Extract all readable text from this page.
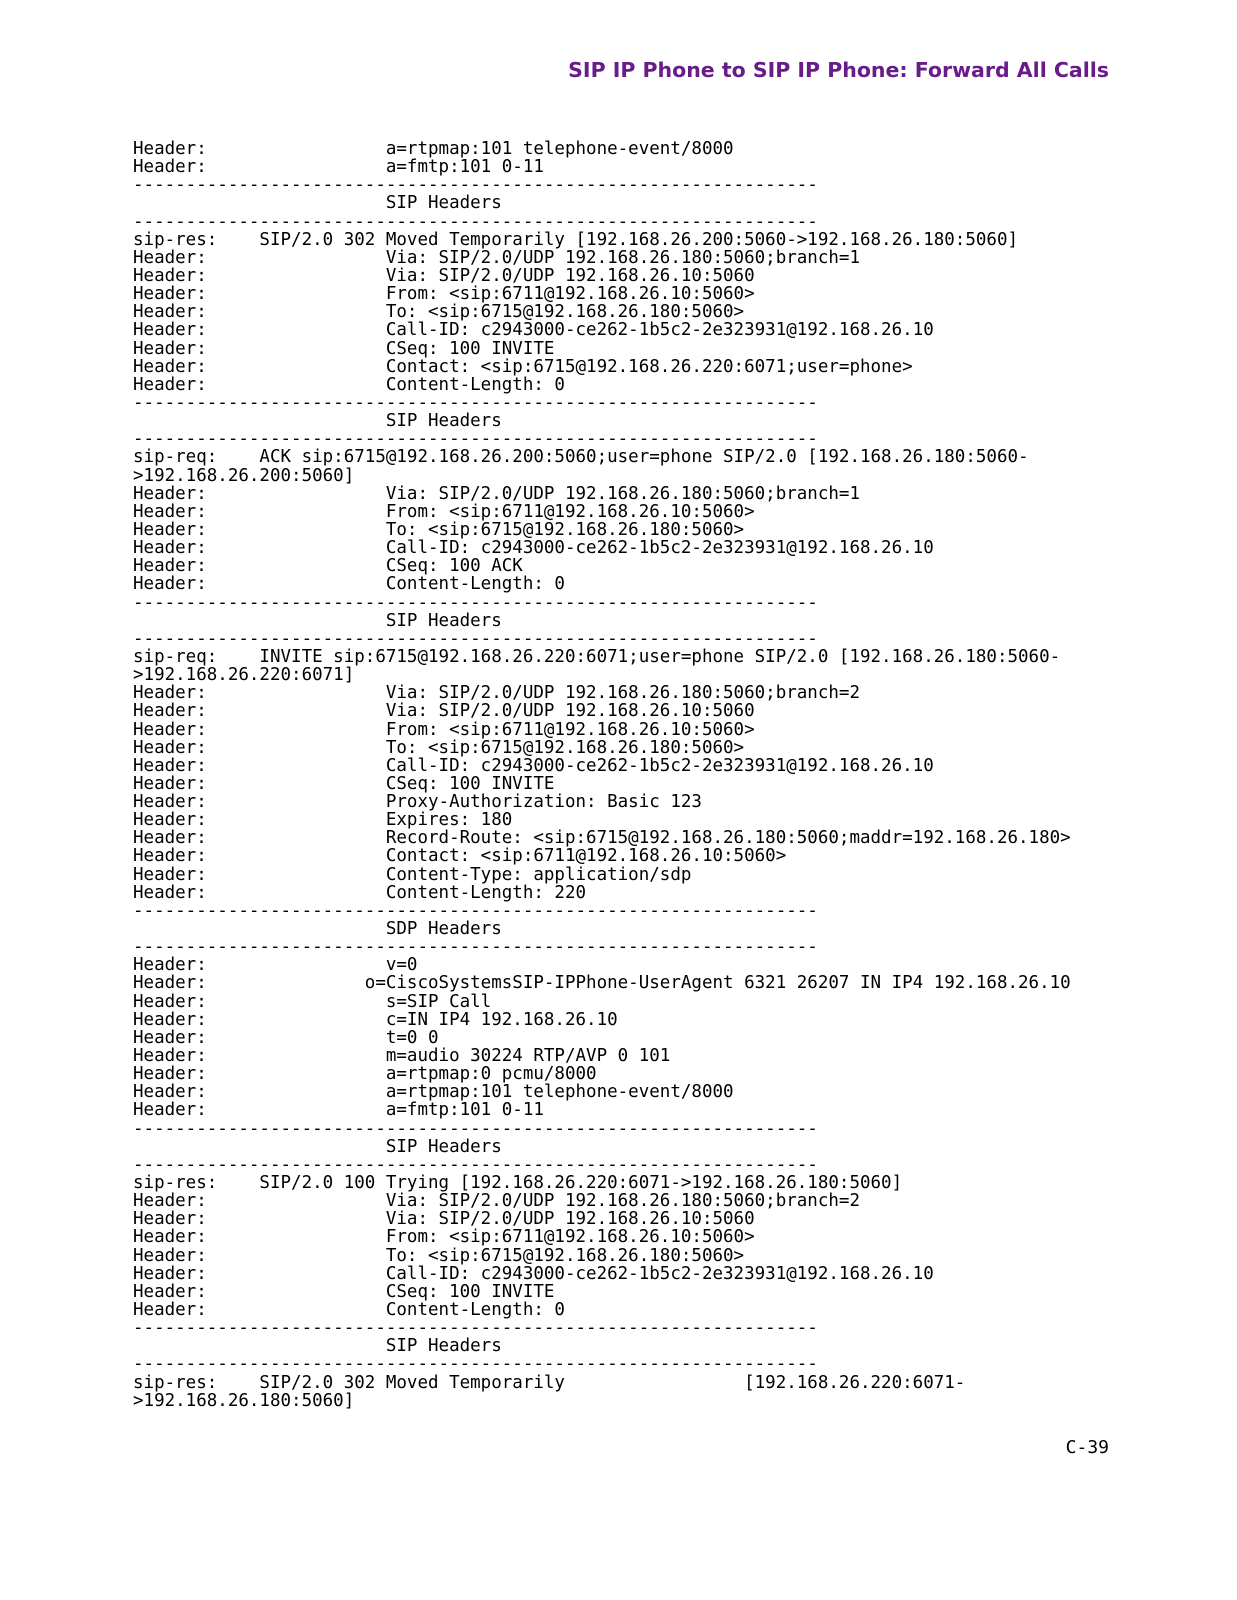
SIP IP Phone to SIP IP Phone: Forward All Calls
Header:                 a=rtpmap:101 telephone-event/8000
Header:                 a=fmtp:101 0-11
-----------------------------------------------------------------
SIP Headers
-----------------------------------------------------------------
sip-res:    SIP/2.0 302 Moved Temporarily [192.168.26.200:5060->192.168.26.180:5060]
Header:                 Via: SIP/2.0/UDP 192.168.26.180:5060;branch=1
Header:                 Via: SIP/2.0/UDP 192.168.26.10:5060
Header:                 From: <sip:6711@192.168.26.10:5060>
Header:                 To: <sip:6715@192.168.26.180:5060>
Header:                 Call-ID: c2943000-ce262-1b5c2-2e323931@192.168.26.10
Header:                 CSeq: 100 INVITE
Header:                 Contact: <sip:6715@192.168.26.220:6071;user=phone>
Header:                 Content-Length: 0
-----------------------------------------------------------------
SIP Headers
-----------------------------------------------------------------
sip-req:    ACK sip:6715@192.168.26.200:5060;user=phone SIP/2.0 [192.168.26.180:5060-
>192.168.26.200:5060]
Header:                 Via: SIP/2.0/UDP 192.168.26.180:5060;branch=1
Header:                 From: <sip:6711@192.168.26.10:5060>
Header:                 To: <sip:6715@192.168.26.180:5060>
Header:                 Call-ID: c2943000-ce262-1b5c2-2e323931@192.168.26.10
Header:                 CSeq: 100 ACK
Header:                 Content-Length: 0
-----------------------------------------------------------------
SIP Headers
-----------------------------------------------------------------
sip-req:    INVITE sip:6715@192.168.26.220:6071;user=phone SIP/2.0 [192.168.26.180:5060-
>192.168.26.220:6071]
Header:                 Via: SIP/2.0/UDP 192.168.26.180:5060;branch=2
Header:                 Via: SIP/2.0/UDP 192.168.26.10:5060
Header:                 From: <sip:6711@192.168.26.10:5060>
Header:                 To: <sip:6715@192.168.26.180:5060>
Header:                 Call-ID: c2943000-ce262-1b5c2-2e323931@192.168.26.10
Header:                 CSeq: 100 INVITE
Header:                 Proxy-Authorization: Basic 123
Header:                 Expires: 180
Header:                 Record-Route: <sip:6715@192.168.26.180:5060;maddr=192.168.26.180>
Header:                 Contact: <sip:6711@192.168.26.10:5060>
Header:                 Content-Type: application/sdp
Header:                 Content-Length: 220
-----------------------------------------------------------------
SDP Headers
-----------------------------------------------------------------
Header:                 v=0
Header:               o=CiscoSystemsSIP-IPPhone-UserAgent 6321 26207 IN IP4 192.168.26.10
Header:                 s=SIP Call
Header:                 c=IN IP4 192.168.26.10
Header:                 t=0 0
Header:                 m=audio 30224 RTP/AVP 0 101
Header:                 a=rtpmap:0 pcmu/8000
Header:                 a=rtpmap:101 telephone-event/8000
Header:                 a=fmtp:101 0-11
-----------------------------------------------------------------
SIP Headers
-----------------------------------------------------------------
sip-res:    SIP/2.0 100 Trying [192.168.26.220:6071->192.168.26.180:5060]
Header:                 Via: SIP/2.0/UDP 192.168.26.180:5060;branch=2
Header:                 Via: SIP/2.0/UDP 192.168.26.10:5060
Header:                 From: <sip:6711@192.168.26.10:5060>
Header:                 To: <sip:6715@192.168.26.180:5060>
Header:                 Call-ID: c2943000-ce262-1b5c2-2e323931@192.168.26.10
Header:                 CSeq: 100 INVITE
Header:                 Content-Length: 0
-----------------------------------------------------------------
SIP Headers
-----------------------------------------------------------------
sip-res:    SIP/2.0 302 Moved Temporarily                 [192.168.26.220:6071-
>192.168.26.180:5060]
C-39
